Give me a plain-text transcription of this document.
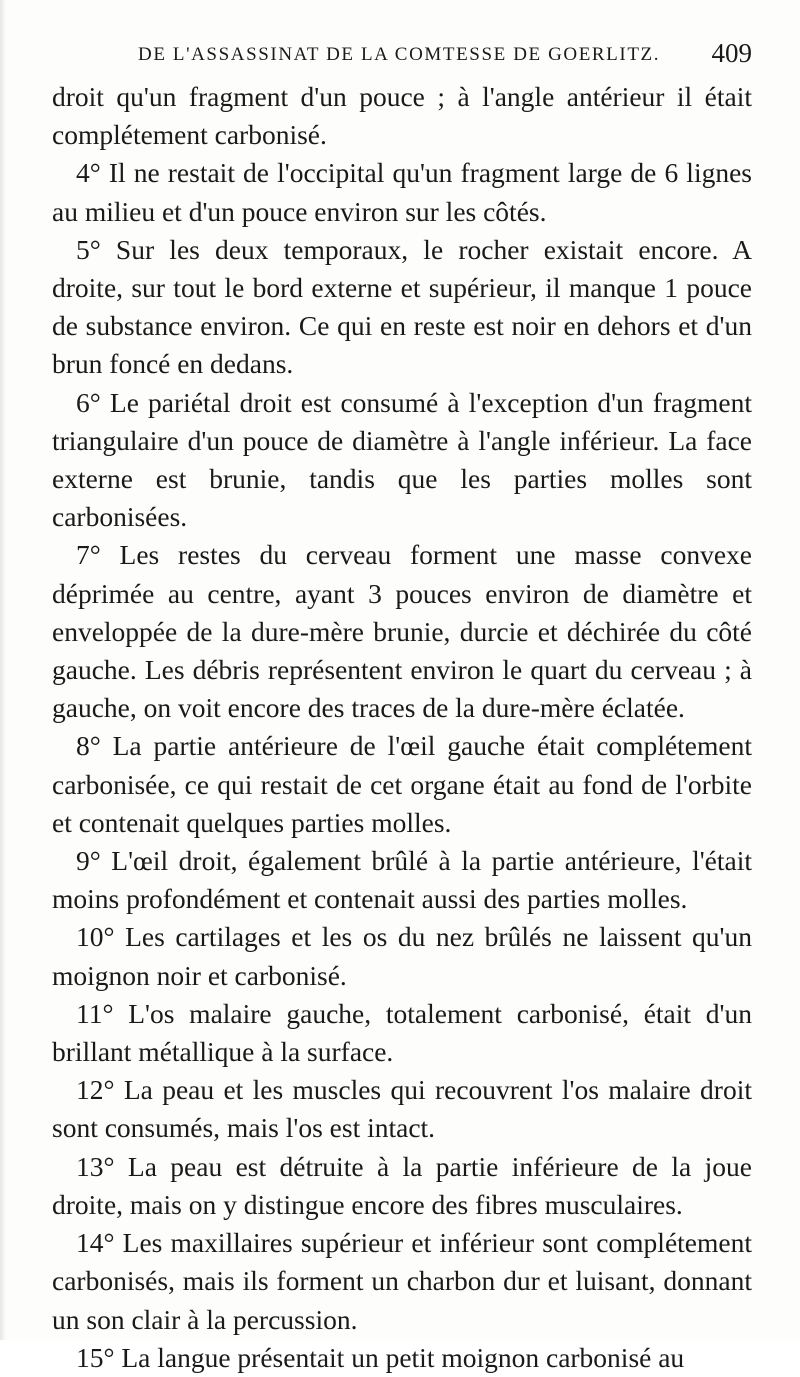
DE L'ASSASSINAT DE LA COMTESSE DE GOERLITZ. 409

droit qu'un fragment d'un pouce ; à l'angle antérieur il était complétement carbonisé.

4° Il ne restait de l'occipital qu'un fragment large de 6 lignes au milieu et d'un pouce environ sur les côtés.

5° Sur les deux temporaux, le rocher existait encore. A droite, sur tout le bord externe et supérieur, il manque 1 pouce de substance environ. Ce qui en reste est noir en dehors et d'un brun foncé en dedans.

6° Le pariétal droit est consumé à l'exception d'un fragment triangulaire d'un pouce de diamètre à l'angle inférieur. La face externe est brunie, tandis que les parties molles sont carbonisées.

7° Les restes du cerveau forment une masse convexe déprimée au centre, ayant 3 pouces environ de diamètre et enveloppée de la dure-mère brunie, durcie et déchirée du côté gauche. Les débris représentent environ le quart du cerveau ; à gauche, on voit encore des traces de la dure-mère éclatée.

8° La partie antérieure de l'œil gauche était complétement carbonisée, ce qui restait de cet organe était au fond de l'orbite et contenait quelques parties molles.

9° L'œil droit, également brûlé à la partie antérieure, l'était moins profondément et contenait aussi des parties molles.

10° Les cartilages et les os du nez brûlés ne laissent qu'un moignon noir et carbonisé.

11° L'os malaire gauche, totalement carbonisé, était d'un brillant métallique à la surface.

12° La peau et les muscles qui recouvrent l'os malaire droit sont consumés, mais l'os est intact.

13° La peau est détruite à la partie inférieure de la joue droite, mais on y distingue encore des fibres musculaires.

14° Les maxillaires supérieur et inférieur sont complétement carbonisés, mais ils forment un charbon dur et luisant, donnant un son clair à la percussion.

15° La langue présentait un petit moignon carbonisé au
